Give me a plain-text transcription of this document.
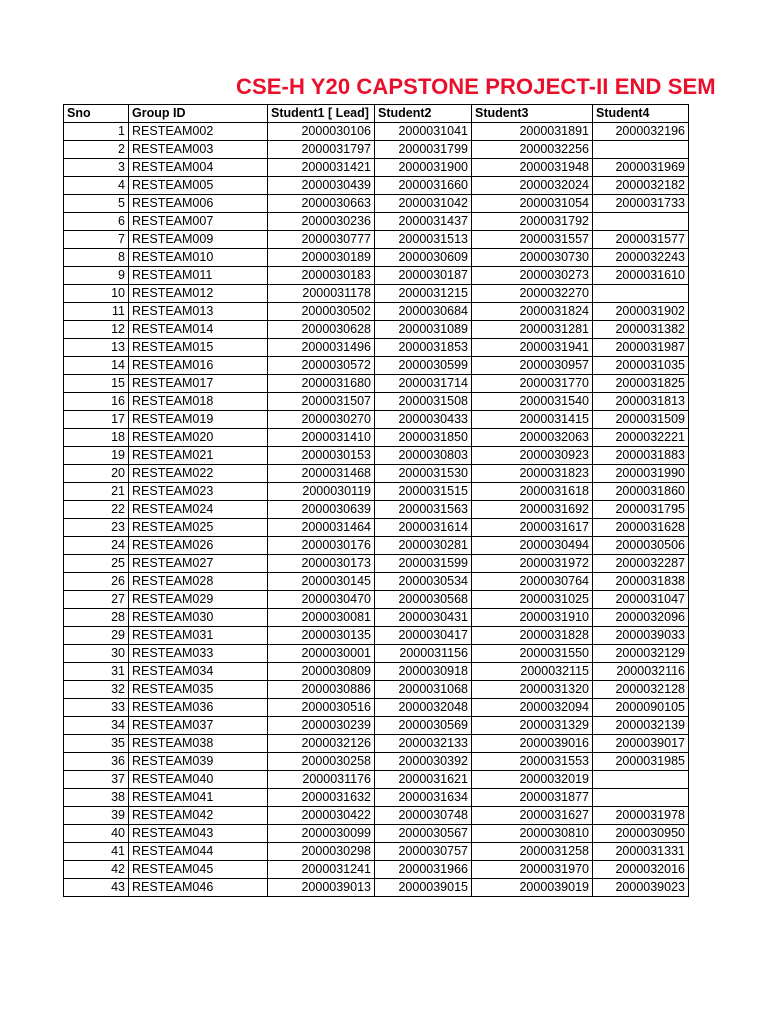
CSE-H Y20 CAPSTONE PROJECT-II END SEM
Sno	Group ID	Student1 [ Lead]	Student2	Student3	Student4
1	RESTEAM002	2000030106	2000031041	2000031891	2000032196
2	RESTEAM003	2000031797	2000031799	2000032256	
3	RESTEAM004	2000031421	2000031900	2000031948	2000031969
4	RESTEAM005	2000030439	2000031660	2000032024	2000032182
5	RESTEAM006	2000030663	2000031042	2000031054	2000031733
6	RESTEAM007	2000030236	2000031437	2000031792	
7	RESTEAM009	2000030777	2000031513	2000031557	2000031577
8	RESTEAM010	2000030189	2000030609	2000030730	2000032243
9	RESTEAM011	2000030183	2000030187	2000030273	2000031610
10	RESTEAM012	2000031178	2000031215	2000032270	
11	RESTEAM013	2000030502	2000030684	2000031824	2000031902
12	RESTEAM014	2000030628	2000031089	2000031281	2000031382
13	RESTEAM015	2000031496	2000031853	2000031941	2000031987
14	RESTEAM016	2000030572	2000030599	2000030957	2000031035
15	RESTEAM017	2000031680	2000031714	2000031770	2000031825
16	RESTEAM018	2000031507	2000031508	2000031540	2000031813
17	RESTEAM019	2000030270	2000030433	2000031415	2000031509
18	RESTEAM020	2000031410	2000031850	2000032063	2000032221
19	RESTEAM021	2000030153	2000030803	2000030923	2000031883
20	RESTEAM022	2000031468	2000031530	2000031823	2000031990
21	RESTEAM023	2000030119	2000031515	2000031618	2000031860
22	RESTEAM024	2000030639	2000031563	2000031692	2000031795
23	RESTEAM025	2000031464	2000031614	2000031617	2000031628
24	RESTEAM026	2000030176	2000030281	2000030494	2000030506
25	RESTEAM027	2000030173	2000031599	2000031972	2000032287
26	RESTEAM028	2000030145	2000030534	2000030764	2000031838
27	RESTEAM029	2000030470	2000030568	2000031025	2000031047
28	RESTEAM030	2000030081	2000030431	2000031910	2000032096
29	RESTEAM031	2000030135	2000030417	2000031828	2000039033
30	RESTEAM033	2000030001	2000031156	2000031550	2000032129
31	RESTEAM034	2000030809	2000030918	2000032115	2000032116
32	RESTEAM035	2000030886	2000031068	2000031320	2000032128
33	RESTEAM036	2000030516	2000032048	2000032094	2000090105
34	RESTEAM037	2000030239	2000030569	2000031329	2000032139
35	RESTEAM038	2000032126	2000032133	2000039016	2000039017
36	RESTEAM039	2000030258	2000030392	2000031553	2000031985
37	RESTEAM040	2000031176	2000031621	2000032019	
38	RESTEAM041	2000031632	2000031634	2000031877	
39	RESTEAM042	2000030422	2000030748	2000031627	2000031978
40	RESTEAM043	2000030099	2000030567	2000030810	2000030950
41	RESTEAM044	2000030298	2000030757	2000031258	2000031331
42	RESTEAM045	2000031241	2000031966	2000031970	2000032016
43	RESTEAM046	2000039013	2000039015	2000039019	2000039023
